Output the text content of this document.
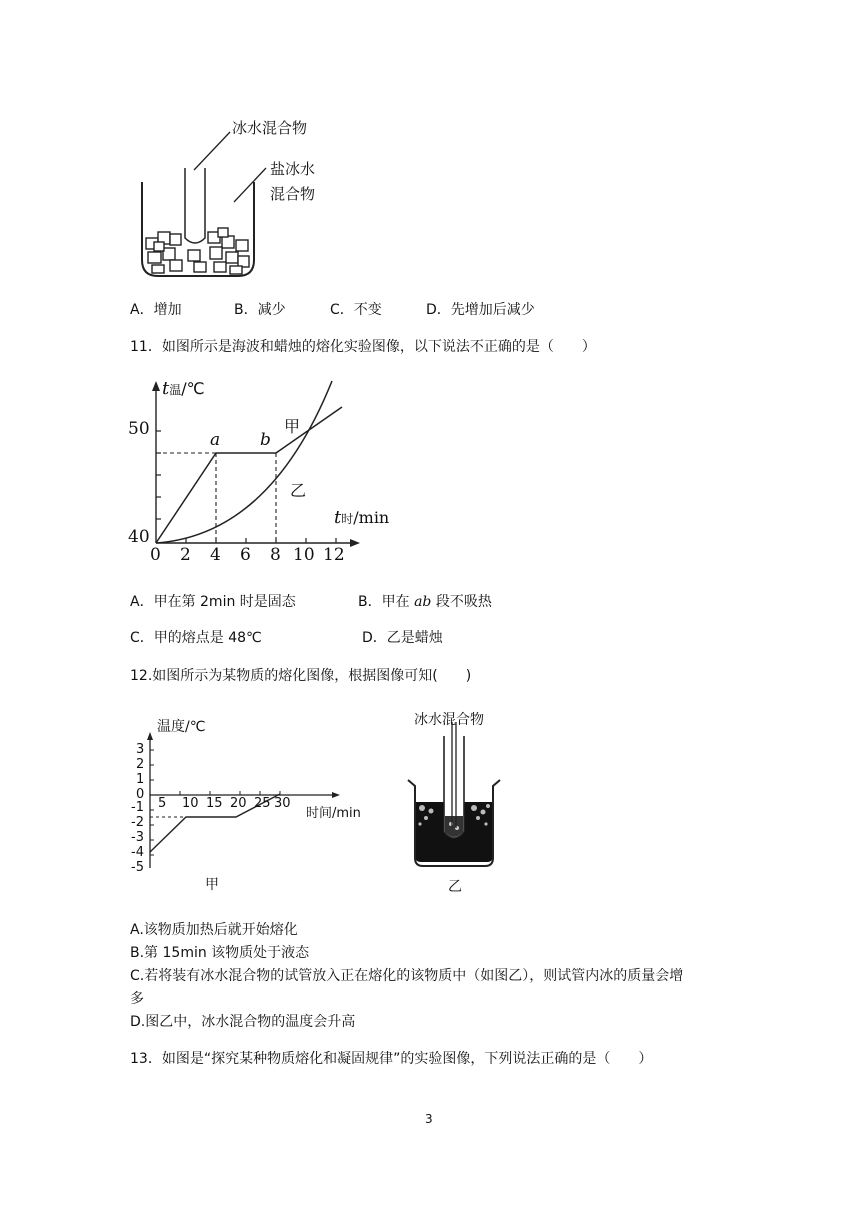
冰水混合物
盐冰水
混合物
A．增加	B．减少	C．不变	D．先增加后减少
11．如图所示是海波和蜡烛的熔化实验图像，以下说法不正确的是（　　）
t温/℃
50
40
0 2 4 6 8 10 12
a b
甲
乙
t时/min
A．甲在第 2min 时是固态	B．甲在 ab 段不吸热
C．甲的熔点是 48℃	D．乙是蜡烛
12.如图所示为某物质的熔化图像，根据图像可知(　　)
温度/℃
3
2
1
0
-1
-2
-3
-4
-5
5 10 15 20 25 30
时间/min
甲
冰水混合物
乙
A.该物质加热后就开始熔化
B.第 15min 该物质处于液态
C.若将装有冰水混合物的试管放入正在熔化的该物质中（如图乙），则试管内冰的质量会增
多
D.图乙中，冰水混合物的温度会升高
13．如图是“探究某种物质熔化和凝固规律”的实验图像，下列说法正确的是（　　）
3
